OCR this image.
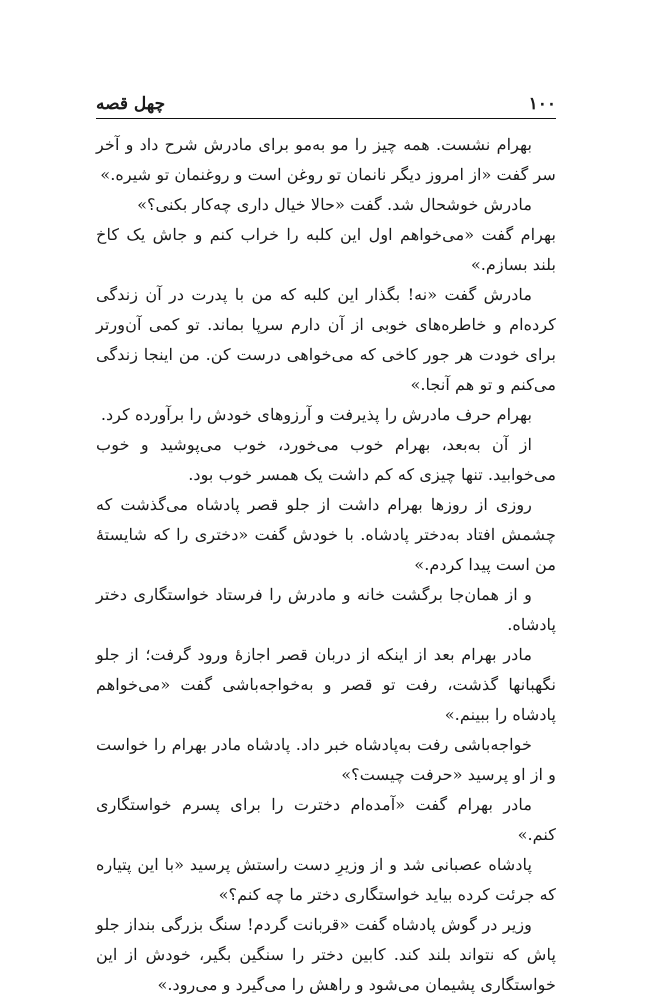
۱۰۰
چهل قصه

بهرام نشست. همه چیز را مو به‌مو برای مادرش شرح داد و آخر سر گفت «از امروز دیگر نانمان تو روغن است و روغنمان تو شیره.»

مادرش خوشحال شد. گفت «حالا خیال داری چه‌کار بکنی؟»

بهرام گفت «می‌خواهم اول این کلبه را خراب کنم و جاش یک کاخ بلند بسازم.»

مادرش گفت «نه! بگذار این کلبه که من با پدرت در آن زندگی کرده‌ام و خاطره‌های خوبی از آن دارم سرپا بماند. تو کمی آن‌ورتر برای خودت هر جور کاخی که می‌خواهی درست کن. من اینجا زندگی می‌کنم و تو هم آنجا.»

بهرام حرف مادرش را پذیرفت و آرزوهای خودش را برآورده کرد.

از آن به‌بعد، بهرام خوب می‌خورد، خوب می‌پوشید و خوب می‌خوابید. تنها چیزی که کم داشت یک همسر خوب بود.

روزی از روزها بهرام داشت از جلو قصر پادشاه می‌گذشت که چشمش افتاد به‌دختر پادشاه. با خودش گفت «دختری را که شایستهٔ من است پیدا کردم.»

و از همان‌جا برگشت خانه و مادرش را فرستاد خواستگاری دختر پادشاه.

مادر بهرام بعد از اینکه از دربان قصر اجازهٔ ورود گرفت؛ از جلو نگهبانها گذشت، رفت تو قصر و به‌خواجه‌باشی گفت «می‌خواهم پادشاه را ببینم.»

خواجه‌باشی رفت به‌پادشاه خبر داد. پادشاه مادر بهرام را خواست و از او پرسید «حرفت چیست؟»

مادر بهرام گفت «آمده‌ام دخترت را برای پسرم خواستگاری کنم.»

پادشاه عصبانی شد و از وزیرِ دست راستش پرسید «با این پتیاره که جرئت کرده بیاید خواستگاری دختر ما چه کنم؟»

وزیر در گوش پادشاه گفت «قربانت گردم! سنگ بزرگی بنداز جلو پاش که نتواند بلند کند. کابین دختر را سنگین بگیر، خودش از این خواستگاری پشیمان می‌شود و راهش را می‌گیرد و می‌رود.»
